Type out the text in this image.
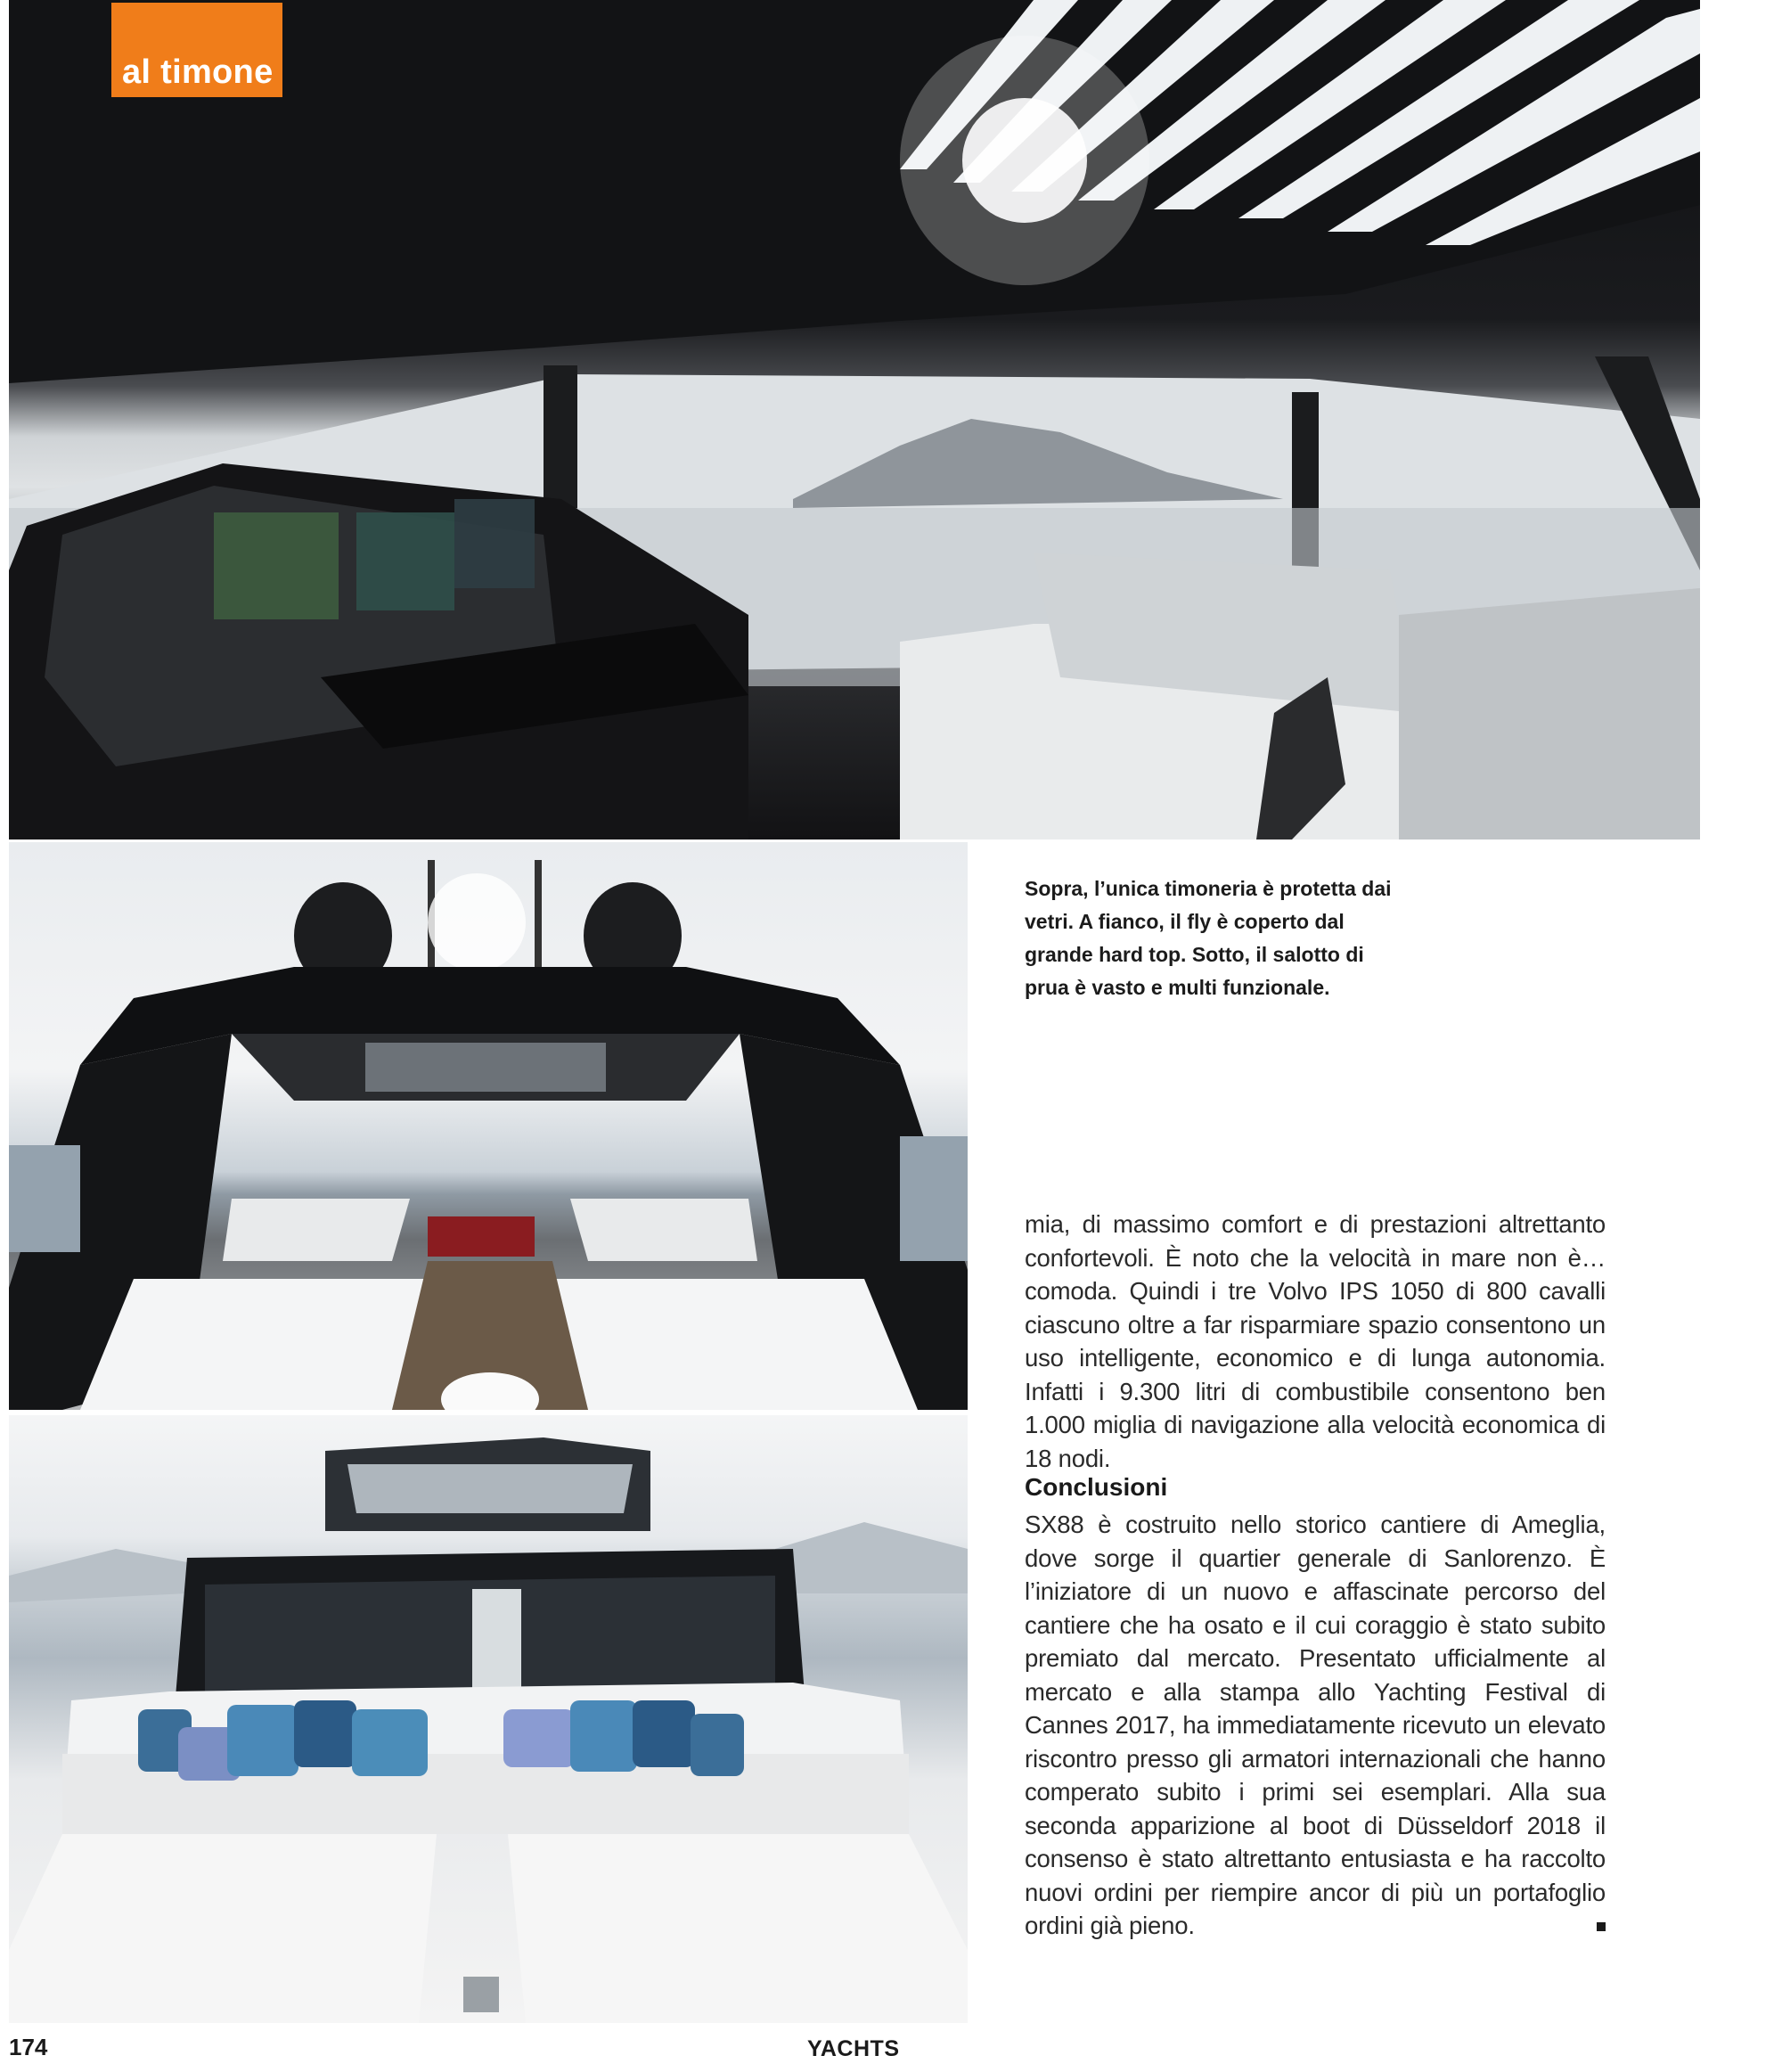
al timone

Sopra, l’unica timoneria è protetta dai vetri. A fianco, il fly è coperto dal grande hard top. Sotto, il salotto di prua è vasto e multi funzionale.

mia, di massimo comfort e di prestazioni altrettanto confortevoli. È noto che la velocità in mare non è… comoda. Quindi i tre Volvo IPS 1050 di 800 cavalli ciascuno oltre a far risparmiare spazio consentono un uso intelligente, economico e di lunga autonomia. Infatti i 9.300 litri di combustibile consentono ben 1.000 miglia di navigazione alla velocità economica di 18 nodi.

Conclusioni

SX88 è costruito nello storico cantiere di Ameglia, dove sorge il quartier generale di Sanlorenzo. È l’iniziatore di un nuovo e affascinate percorso del cantiere che ha osato e il cui coraggio è stato subito premiato dal mercato. Presentato ufficialmente al mercato e alla stampa allo Yachting Festival di Cannes 2017, ha immediatamente ricevuto un elevato riscontro presso gli armatori internazionali che hanno comperato subito i primi sei esemplari. Alla sua seconda apparizione al boot di Düsseldorf 2018 il consenso è stato altrettanto entusiasta e ha raccolto nuovi ordini per riempire ancor di più un portafoglio ordini già pieno.

174	YACHTS
